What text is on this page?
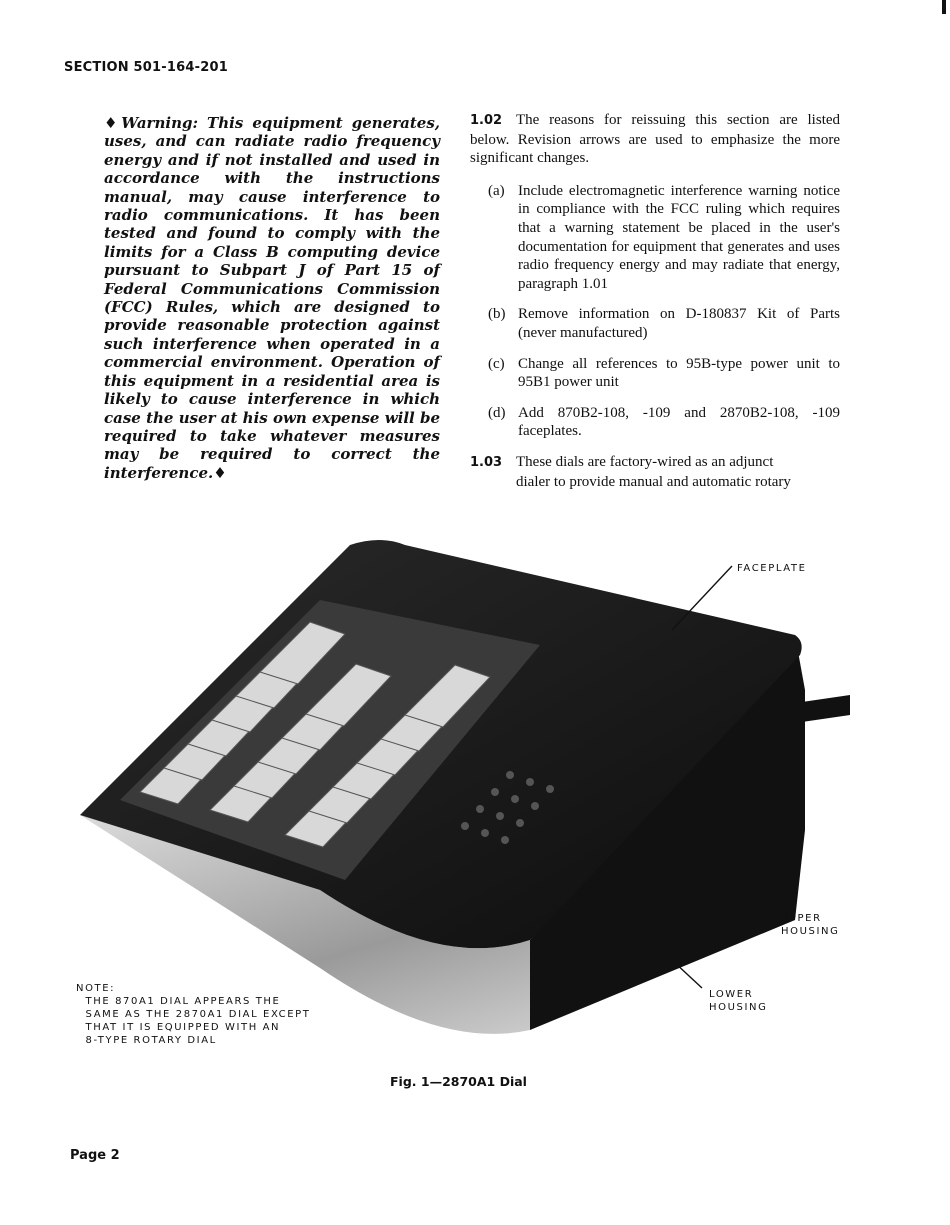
SECTION 501-164-201
♦Warning: This equipment generates, uses, and can radiate radio frequency energy and if not installed and used in accordance with the instructions manual, may cause interference to radio communications. It has been tested and found to comply with the limits for a Class B computing device pursuant to Subpart J of Part 15 of Federal Communications Commission (FCC) Rules, which are designed to provide reasonable protection against such interference when operated in a commercial environment. Operation of this equipment in a residential area is likely to cause interference in which case the user at his own expense will be required to take whatever measures may be required to correct the interference.♦
1.02 The reasons for reissuing this section are listed below. Revision arrows are used to emphasize the more significant changes.
(a) Include electromagnetic interference warning notice in compliance with the FCC ruling which requires that a warning statement be placed in the user's documentation for equipment that generates and uses radio frequency energy and may radiate that energy, paragraph 1.01
(b) Remove information on D-180837 Kit of Parts (never manufactured)
(c) Change all references to 95B-type power unit to 95B1 power unit
(d) Add 870B2-108, -109 and 2870B2-108, -109 faceplates.
1.03 These dials are factory-wired as an adjunct
dialer to provide manual and automatic rotary
FACEPLATE
UPPER
HOUSING
LOWER
HOUSING
NOTE:
THE 870A1 DIAL APPEARS THE
SAME AS THE 2870A1 DIAL EXCEPT
THAT IT IS EQUIPPED WITH AN
8-TYPE ROTARY DIAL
Fig. 1—2870A1 Dial
Page 2
